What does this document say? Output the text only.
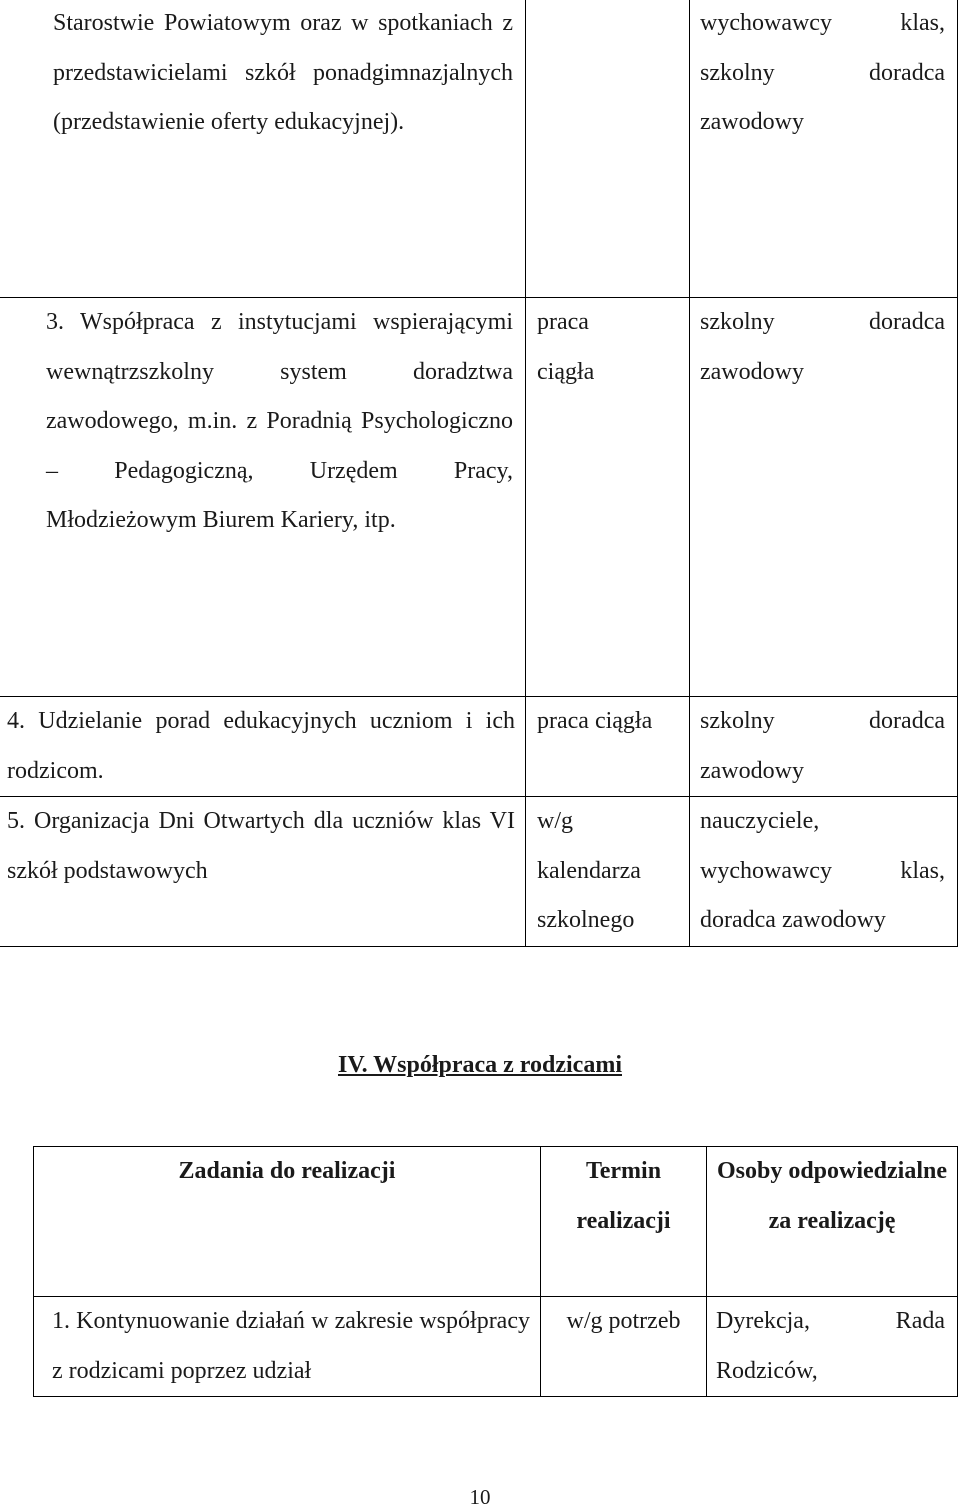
Starostwie Powiatowym oraz w spotkaniach z przedstawicielami szkół ponadgimnazjalnych (przedstawienie oferty edukacyjnej).		wychowawcy klas, szkolny doradca zawodowy
3. Współpraca z instytucjami wspierającymi wewnątrzszkolny system doradztwa zawodowego, m.in. z Poradnią Psychologiczno – Pedagogiczną, Urzędem Pracy, Młodzieżowym Biurem Kariery, itp.	praca ciągła	szkolny doradca zawodowy
4. Udzielanie porad edukacyjnych uczniom i ich rodzicom.	praca ciągła	szkolny doradca zawodowy
5. Organizacja Dni Otwartych dla uczniów klas VI szkół podstawowych	w/g kalendarza szkolnego	nauczyciele, wychowawcy klas, doradca zawodowy
IV. Współpraca z rodzicami
Zadania do realizacji	Termin realizacji	Osoby odpowiedzialne za realizację
1. Kontynuowanie działań w zakresie współpracy z rodzicami poprzez udział	w/g potrzeb	Dyrekcja, Rada Rodziców,
10
